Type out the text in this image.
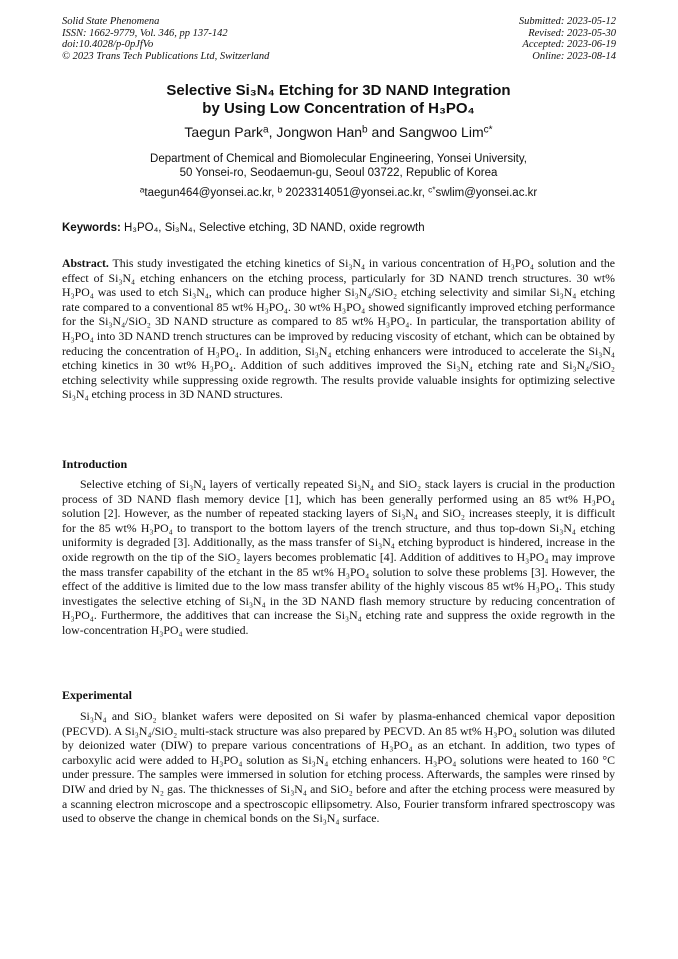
Solid State Phenomena
ISSN: 1662-9779, Vol. 346, pp 137-142
doi:10.4028/p-0pJfVo
© 2023 Trans Tech Publications Ltd, Switzerland
Submitted: 2023-05-12
Revised: 2023-05-30
Accepted: 2023-06-19
Online: 2023-08-14
Selective Si₃N₄ Etching for 3D NAND Integration
by Using Low Concentration of H₃PO₄
Taegun Park$^a$, Jongwon Han$^b$ and Sangwoo Lim$^{c*}$
Department of Chemical and Biomolecular Engineering, Yonsei University,
50 Yonsei-ro, Seodaemun-gu, Seoul 03722, Republic of Korea
$^a$taegun464@yonsei.ac.kr, $^b$ 2023314051@yonsei.ac.kr, $^{c*}$swlim@yonsei.ac.kr
Keywords: H₃PO₄, Si₃N₄, Selective etching, 3D NAND, oxide regrowth
Abstract. This study investigated the etching kinetics of Si₃N₄ in various concentration of H₃PO₄ solution and the effect of Si₃N₄ etching enhancers on the etching process, particularly for 3D NAND trench structures. 30 wt% H₃PO₄ was used to etch Si₃N₄, which can produce higher Si₃N₄/SiO₂ etching selectivity and similar Si₃N₄ etching rate compared to a conventional 85 wt% H₃PO₄. 30 wt% H₃PO₄ showed significantly improved etching performance for the Si₃N₄/SiO₂ 3D NAND structure as compared to 85 wt% H₃PO₄. In particular, the transportation ability of H₃PO₄ into 3D NAND trench structures can be improved by reducing viscosity of etchant, which can be obtained by reducing the concentration of H₃PO₄. In addition, Si₃N₄ etching enhancers were introduced to accelerate the Si₃N₄ etching kinetics in 30 wt% H₃PO₄. Addition of such additives improved the Si₃N₄ etching rate and Si₃N₄/SiO₂ etching selectivity while suppressing oxide regrowth. The results provide valuable insights for optimizing selective Si₃N₄ etching process in 3D NAND structures.
Introduction
Selective etching of Si₃N₄ layers of vertically repeated Si₃N₄ and SiO₂ stack layers is crucial in the production process of 3D NAND flash memory device [1], which has been generally performed using an 85 wt% H₃PO₄ solution [2]. However, as the number of repeated stacking layers of Si₃N₄ and SiO₂ increases steeply, it is difficult for the 85 wt% H₃PO₄ to transport to the bottom layers of the trench structure, and thus top-down Si₃N₄ etching uniformity is degraded [3]. Additionally, as the mass transfer of Si₃N₄ etching byproduct is hindered, increase in the oxide regrowth on the tip of the SiO₂ layers becomes problematic [4]. Addition of additives to H₃PO₄ may improve the mass transfer capability of the etchant in the 85 wt% H₃PO₄ solution to solve these problems [3]. However, the effect of the additive is limited due to the low mass transfer ability of the highly viscous 85 wt% H₃PO₄. This study investigates the selective etching of Si₃N₄ in the 3D NAND flash memory structure by reducing concentration of H₃PO₄. Furthermore, the additives that can increase the Si₃N₄ etching rate and suppress the oxide regrowth in the low-concentration H₃PO₄ were studied.
Experimental
Si₃N₄ and SiO₂ blanket wafers were deposited on Si wafer by plasma-enhanced chemical vapor deposition (PECVD). A Si₃N₄/SiO₂ multi-stack structure was also prepared by PECVD. An 85 wt% H₃PO₄ solution was diluted by deionized water (DIW) to prepare various concentrations of H₃PO₄ as an etchant. In addition, two types of carboxylic acid were added to H₃PO₄ solution as Si₃N₄ etching enhancers. H₃PO₄ solutions were heated to 160 °C under pressure. The samples were immersed in solution for etching process. Afterwards, the samples were rinsed by DIW and dried by N₂ gas. The thicknesses of Si₃N₄ and SiO₂ before and after the etching process were measured by a scanning electron microscope and a spectroscopic ellipsometry. Also, Fourier transform infrared spectroscopy was used to observe the change in chemical bonds on the Si₃N₄ surface.
